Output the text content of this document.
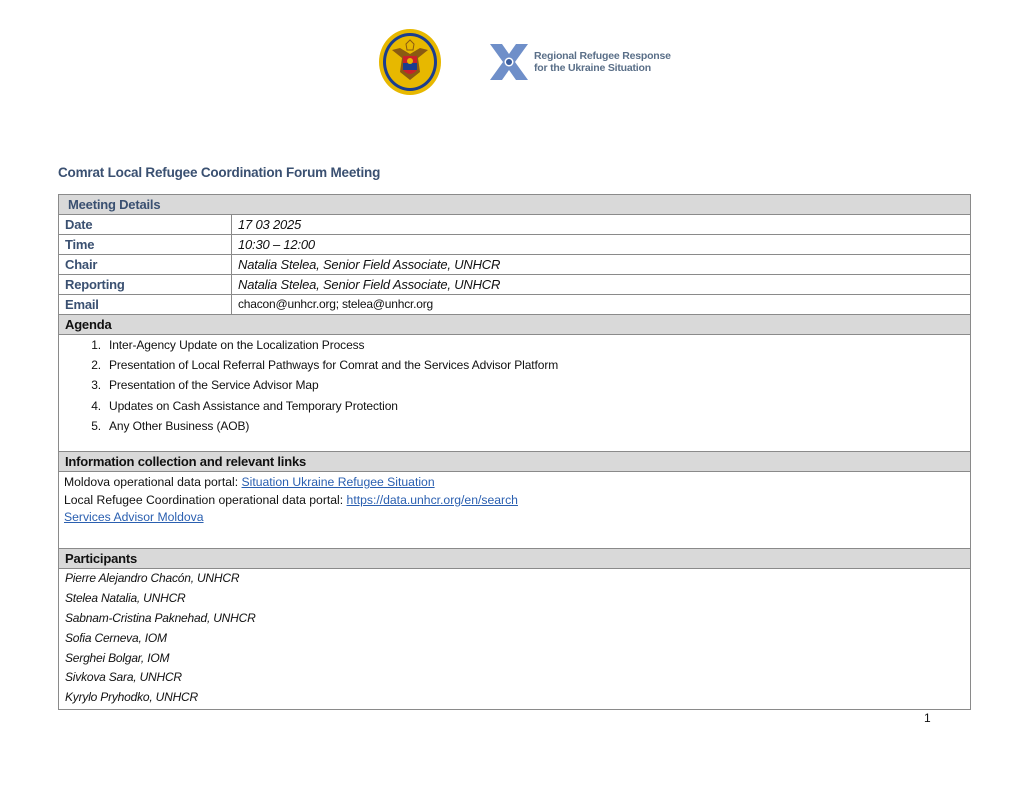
Regional Refugee Response
for the Ukraine Situation
Comrat Local Refugee Coordination Forum Meeting
Meeting Details
Date	17 03 2025
Time	10:30 – 12:00
Chair	Natalia Stelea, Senior Field Associate, UNHCR
Reporting	Natalia Stelea, Senior Field Associate, UNHCR
Email	chacon@unhcr.org; stelea@unhcr.org
Agenda
1. Inter-Agency Update on the Localization Process
2. Presentation of Local Referral Pathways for Comrat and the Services Advisor Platform
3. Presentation of the Service Advisor Map
4. Updates on Cash Assistance and Temporary Protection
5. Any Other Business (AOB)
Information collection and relevant links
Moldova operational data portal: Situation Ukraine Refugee Situation
Local Refugee Coordination operational data portal: https://data.unhcr.org/en/search
Services Advisor Moldova
Participants
Pierre Alejandro Chacón, UNHCR
Stelea Natalia, UNHCR
Sabnam-Cristina Paknehad, UNHCR
Sofia Cerneva, IOM
Serghei Bolgar, IOM
Sivkova Sara, UNHCR
Kyrylo Pryhodko, UNHCR
1
